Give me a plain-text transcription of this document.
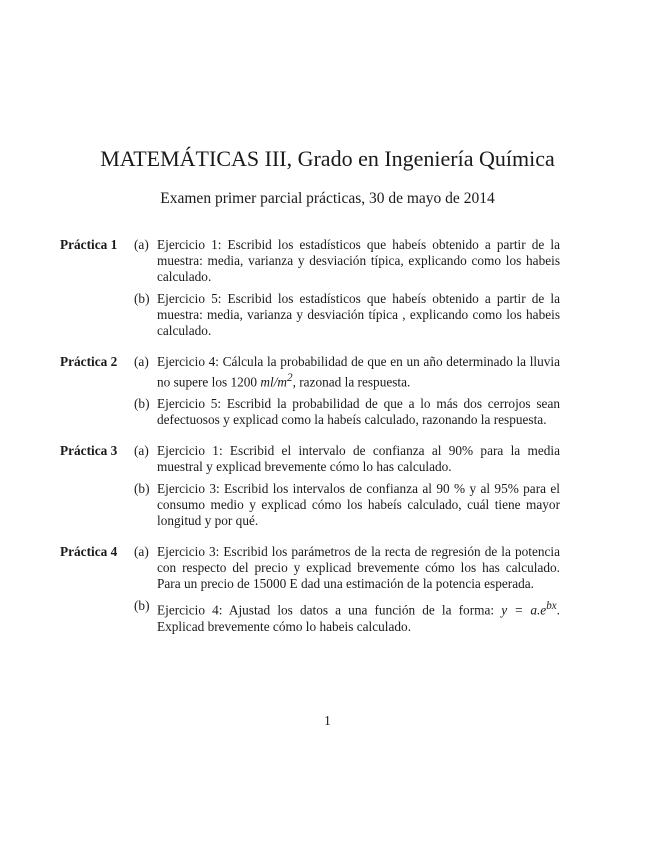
MATEMÁTICAS III, Grado en Ingeniería Química
Examen primer parcial prácticas, 30 de mayo de 2014
Práctica 1	(a) Ejercicio 1: Escribid los estadísticos que habeís obtenido a partir de la muestra: media, varianza y desviación típica, explicando como los habeis calculado.
(b) Ejercicio 5: Escribid los estadísticos que habeís obtenido a partir de la muestra: media, varianza y desviación típica , explicando como los habeis calculado.
Práctica 2	(a) Ejercicio 4: Cálcula la probabilidad de que en un año determinado la lluvia no supere los 1200 $ml/m^2$, razonad la respuesta.
(b) Ejercicio 5: Escribid la probabilidad de que a lo más dos cerrojos sean defectuosos y explicad como la habeís calculado, razonando la respuesta.
Práctica 3	(a) Ejercicio 1: Escribid el intervalo de confianza al 90% para la media muestral y explicad brevemente cómo lo has calculado.
(b) Ejercicio 3: Escribid los intervalos de confianza al 90 % y al 95% para el consumo medio y explicad cómo los habeís calculado, cuál tiene mayor longitud y por qué.
Práctica 4	(a) Ejercicio 3: Escribid los parámetros de la recta de regresión de la potencia con respecto del precio y explicad brevemente cómo los has calculado. Para un precio de 15000 E dad una estimación de la potencia esperada.
(b) Ejercicio 4: Ajustad los datos a una función de la forma: $y = a.e^{bx}$. Explicad brevemente cómo lo habeis calculado.
1
